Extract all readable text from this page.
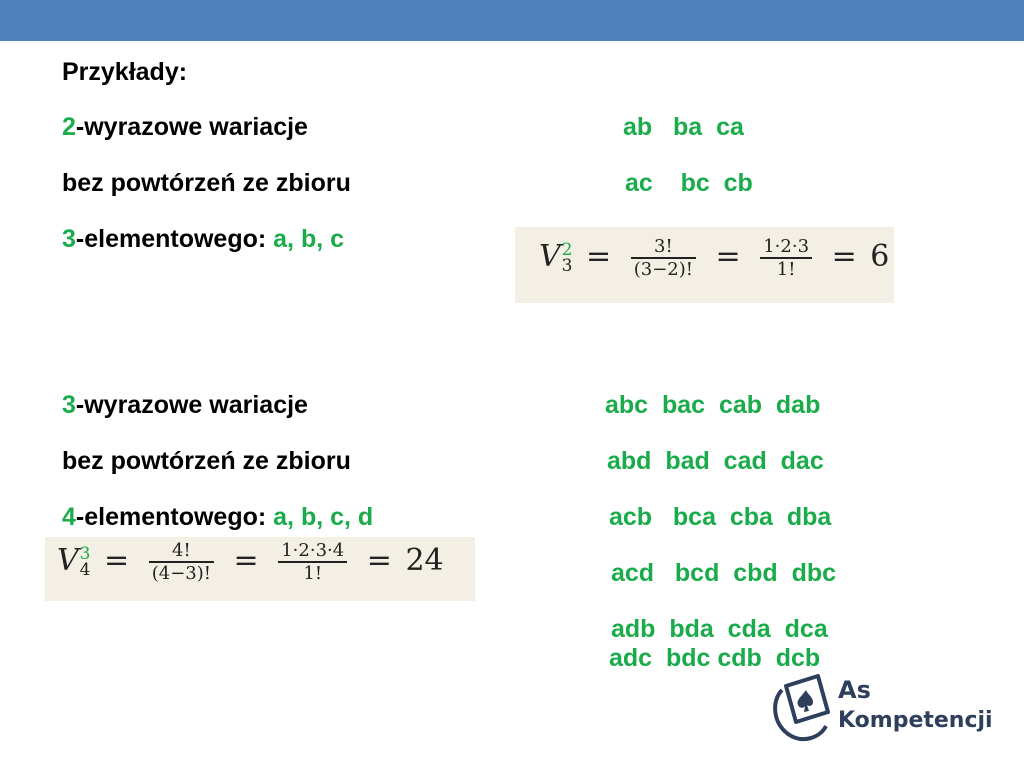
Przykłady:
2-wyrazowe wariacje
bez powtórzeń ze zbioru
3-elementowego: a, b, c
ab   ba  ca
ac    bc  cb
V 2
$3 = \frac{3!}{(3-2)!} = \frac{1\cdot 2\cdot 3}{1!} = 6$
3-wyrazowe wariacje
bez powtórzeń ze zbioru
4-elementowego: a, b, c, d
abc  bac  cab  dab
abd  bad  cad  dac
acb   bca  cba  dba
acd   bcd  cbd  dbc
adb  bda  cda  dca
adc  bdc cdb  dcb
V 3
$4 = \frac{4!}{(4-3)!} = \frac{1\cdot 2\cdot 3\cdot 4}{1!} = 24$
As
Kompetencji
